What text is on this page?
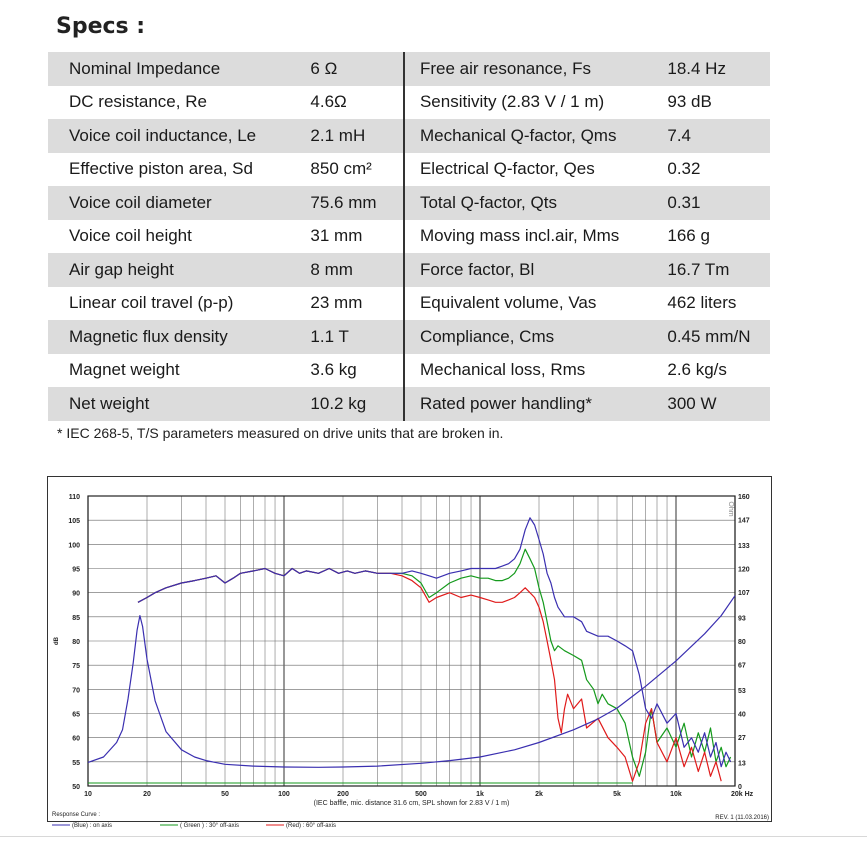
Specs :
Nominal Impedance	6 Ω	Free air resonance, Fs	18.4 Hz
DC resistance, Re	4.6Ω	Sensitivity (2.83 V / 1 m)	93 dB
Voice coil inductance, Le	2.1 mH	Mechanical Q-factor, Qms	7.4
Effective piston area, Sd	850 cm²	Electrical Q-factor, Qes	0.32
Voice coil diameter	75.6 mm	Total Q-factor, Qts	0.31
Voice coil height	31 mm	Moving mass incl.air, Mms	166 g
Air gap height	8 mm	Force factor, Bl	16.7 Tm
Linear coil travel (p-p)	23 mm	Equivalent volume, Vas	462 liters
Magnetic flux density	1.1 T	Compliance, Cms	0.45 mm/N
Magnet weight	3.6 kg	Mechanical loss, Rms	2.6 kg/s
Net weight	10.2 kg	Rated power handling*	300 W
* IEC 268-5, T/S parameters measured on drive units that are broken in.
50
55
60
65
70
75
80
85
90
95
100
105
110
0
13
27
40
53
67
80
93
107
120
133
147
160
10	20	50	100	200	500	1k	2k	5k	10k	20k Hz
dB
Ohm
(IEC baffle, mic. distance 31.6 cm, SPL shown for 2.83 V / 1 m)
Response Curve :
(Blue) : on axis	( Green ) : 30° off-axis	(Red) : 60° off-axis
REV. 1 (11.03.2016)
